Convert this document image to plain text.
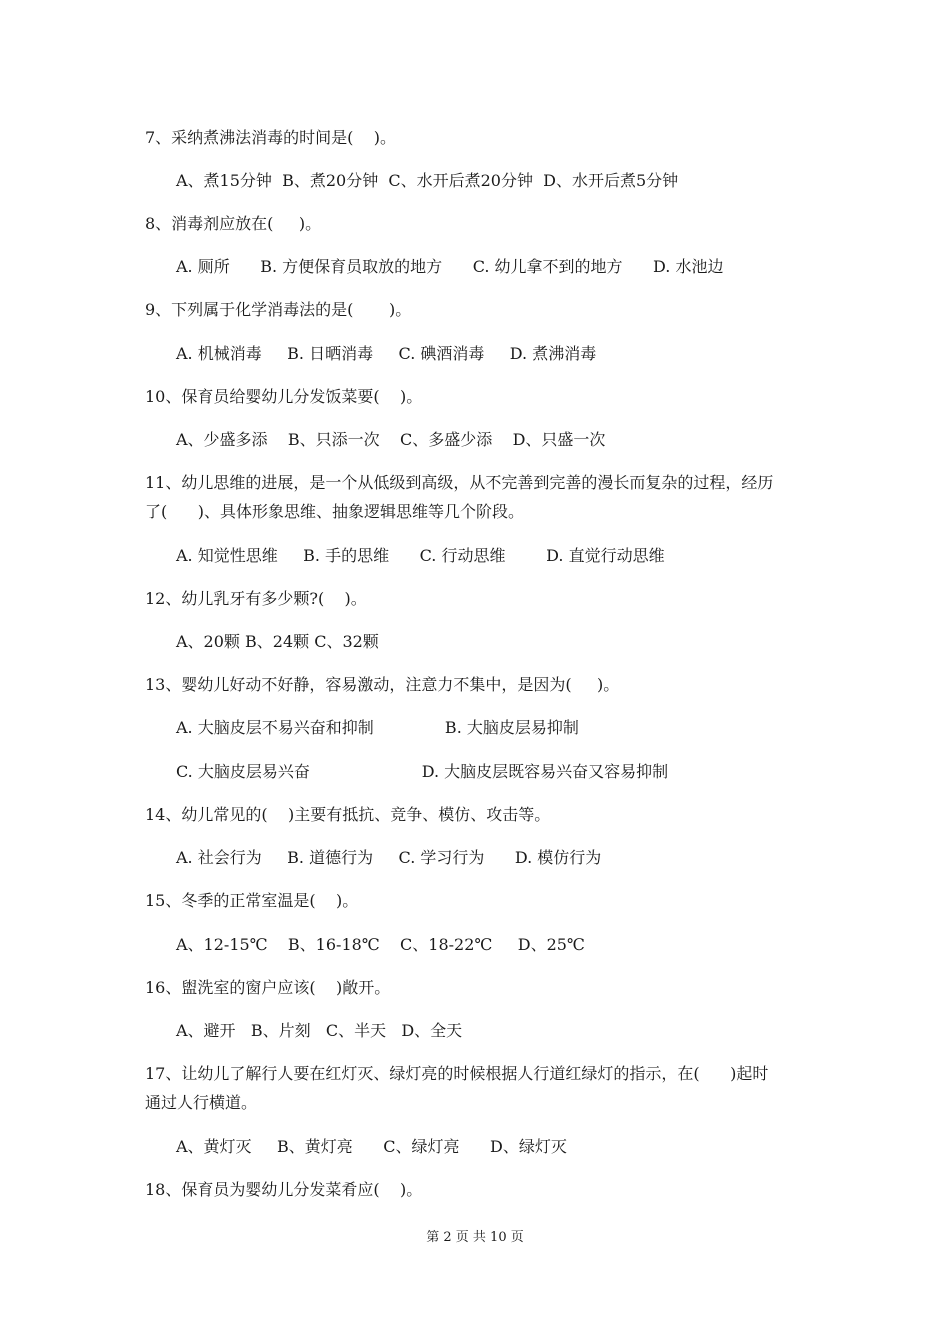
7、采纳煮沸法消毒的时间是(    )。
A、煮15分钟  B、煮20分钟  C、水开后煮20分钟  D、水开后煮5分钟
8、消毒剂应放在(     )。
A. 厕所      B. 方便保育员取放的地方      C. 幼儿拿不到的地方      D. 水池边
9、下列属于化学消毒法的是(       )。
A. 机械消毒     B. 日晒消毒     C. 碘酒消毒     D. 煮沸消毒
10、保育员给婴幼儿分发饭菜要(    )。
A、少盛多添    B、只添一次    C、多盛少添    D、只盛一次
11、幼儿思维的进展，是一个从低级到高级，从不完善到完善的漫长而复杂的过程，经历
了(      )、具体形象思维、抽象逻辑思维等几个阶段。
A. 知觉性思维     B. 手的思维      C. 行动思维        D. 直觉行动思维
12、幼儿乳牙有多少颗?(    )。
A、20颗 B、24颗 C、32颗
13、婴幼儿好动不好静，容易激动，注意力不集中，是因为(     )。
A. 大脑皮层不易兴奋和抑制              B. 大脑皮层易抑制
C. 大脑皮层易兴奋                      D. 大脑皮层既容易兴奋又容易抑制
14、幼儿常见的(    )主要有抵抗、竞争、模仿、攻击等。
A. 社会行为     B. 道德行为     C. 学习行为      D. 模仿行为
15、冬季的正常室温是(    )。
A、12-15℃    B、16-18℃    C、18-22℃     D、25℃
16、盥洗室的窗户应该(    )敞开。
A、避开   B、片刻   C、半天   D、全天
17、让幼儿了解行人要在红灯灭、绿灯亮的时候根据人行道红绿灯的指示，在(      )起时
通过人行横道。
A、黄灯灭     B、黄灯亮      C、绿灯亮      D、绿灯灭
18、保育员为婴幼儿分发菜肴应(    )。
第 2 页 共 10 页
